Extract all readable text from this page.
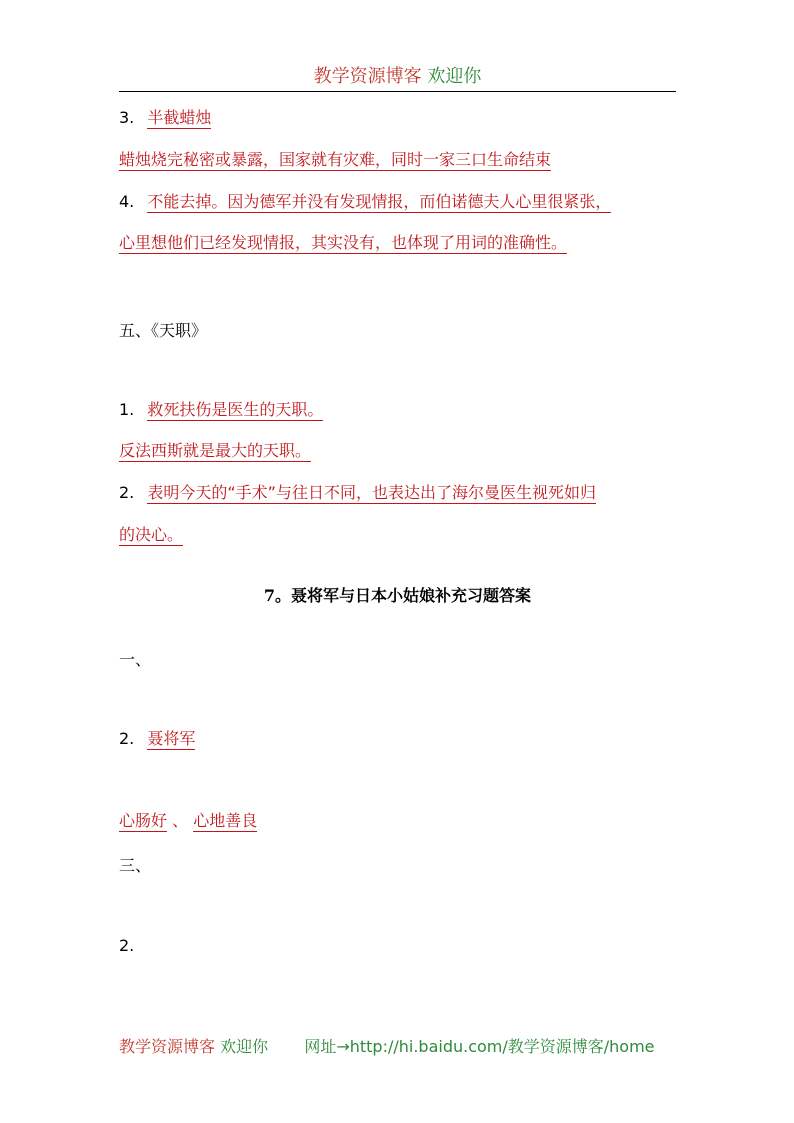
教学资源博客 欢迎你
3. 半截蜡烛
蜡烛烧完秘密或暴露，国家就有灾难，同时一家三口生命结束
4. 不能去掉。因为德军并没有发现情报，而伯诺德夫人心里很紧张，
心里想他们已经发现情报，其实没有，也体现了用词的准确性。
五、《天职》
1. 救死扶伤是医生的天职。
反法西斯就是最大的天职。
2. 表明今天的“手术”与往日不同，也表达出了海尔曼医生视死如归
的决心。
7。聂将军与日本小姑娘补充习题答案
一、
2. 聂将军
心肠好 、 心地善良
三、
2.
教学资源博客 欢迎你 网址→http://hi.baidu.com/教学资源博客/home
